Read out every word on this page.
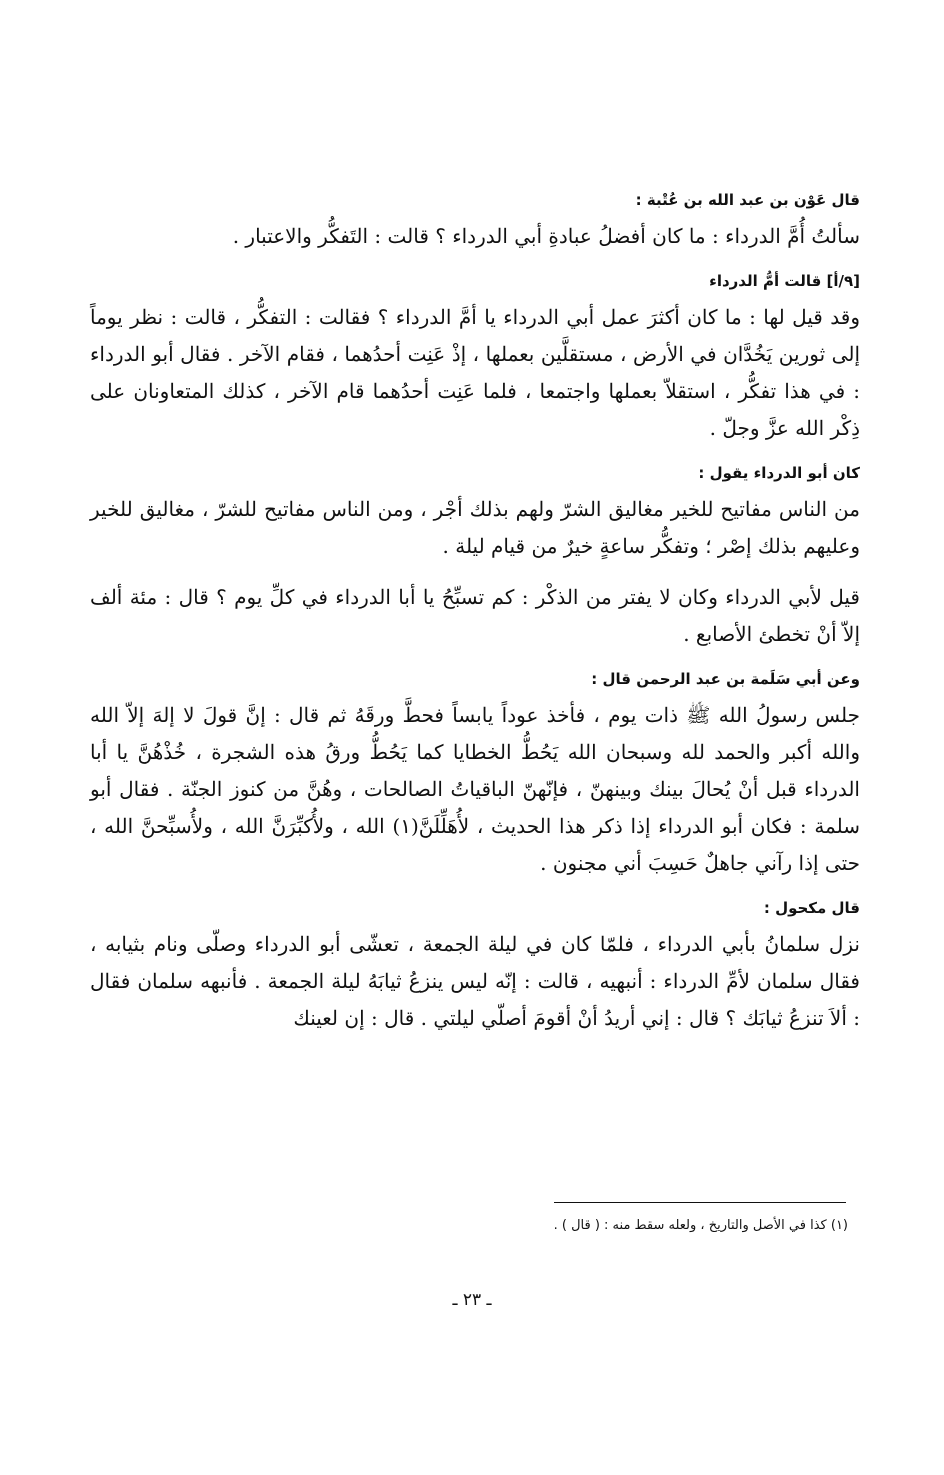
قال عَوْن بن عبد الله بن عُتْبة :

سألتُ أُمَّ الدرداء : ما كان أفضلُ عبادةِ أبي الدرداء ؟ قالت : التَفكُّر والاعتبار .

[٩/أ] قالت أمُّ الدرداء

وقد قيل لها : ما كان أكثرَ عمل أبي الدرداء يا أمَّ الدرداء ؟ فقالت : التفكُّر ، قالت : نظر يوماً إلى ثورين يَخُدَّان في الأرض ، مستقلَّين بعملها ، إذْ عَنِت أحدُهما ، فقام الآخر . فقال أبو الدرداء : في هذا تفكُّر ، استقلاّ بعملها واجتمعا ، فلما عَنِت أحدُهما قام الآخر ، كذلك المتعاونان على ذِكْر الله عزَّ وجلّ .

كان أبو الدرداء يقول :

من الناس مفاتيح للخير مغاليق الشرّ ولهم بذلك أجْر ، ومن الناس مفاتيح للشرّ ، مغاليق للخير وعليهم بذلك إصْر ؛ وتفكُّر ساعةٍ خيرٌ من قيام ليلة .

قيل لأبي الدرداء وكان لا يفتر من الذكْر : كم تسبِّحُ يا أبا الدرداء في كلِّ يوم ؟ قال : مئة ألف إلاّ أنْ تخطئ الأصابع .

وعن أبي سَلَمة بن عبد الرحمن قال :

جلس رسولُ الله ﷺ ذات يوم ، فأخذ عوداً يابساً فحطَّ ورقَهُ ثم قال : إنَّ قولَ لا إلهَ إلاّ الله والله أكبر والحمد لله وسبحان الله يَحُطُّ الخطايا كما يَحُطُّ ورقُ هذه الشجرة ، خُذْهُنَّ يا أبا الدرداء قبل أنْ يُحالَ بينك وبينهنّ ، فإنّهنّ الباقياتُ الصالحات ، وهُنَّ من كنوز الجنّة . فقال أبو سلمة : فكان أبو الدرداء إذا ذكر هذا الحديث ، لأُهَلِّلَنَّ(١) الله ، ولأُكبِّرَنَّ الله ، ولأُسبِّحنَّ الله ، حتى إذا رآني جاهلٌ حَسِبَ أني مجنون .

قال مكحول :

نزل سلمانُ بأبي الدرداء ، فلمّا كان في ليلة الجمعة ، تعشّى أبو الدرداء وصلّى ونام بثيابه ، فقال سلمان لأمِّ الدرداء : أنبهيه ، قالت : إنّه ليس ينزعُ ثيابَهُ ليلة الجمعة . فأنبهه سلمان فقال : ألاَ تنزعُ ثيابَك ؟ قال : إني أريدُ أنْ أقومَ أصلّي ليلتي . قال : إن لعينك

(١) كذا في الأصل والتاريخ ، ولعله سقط منه : ( قال ) .
ـ ٢٣ ـ
